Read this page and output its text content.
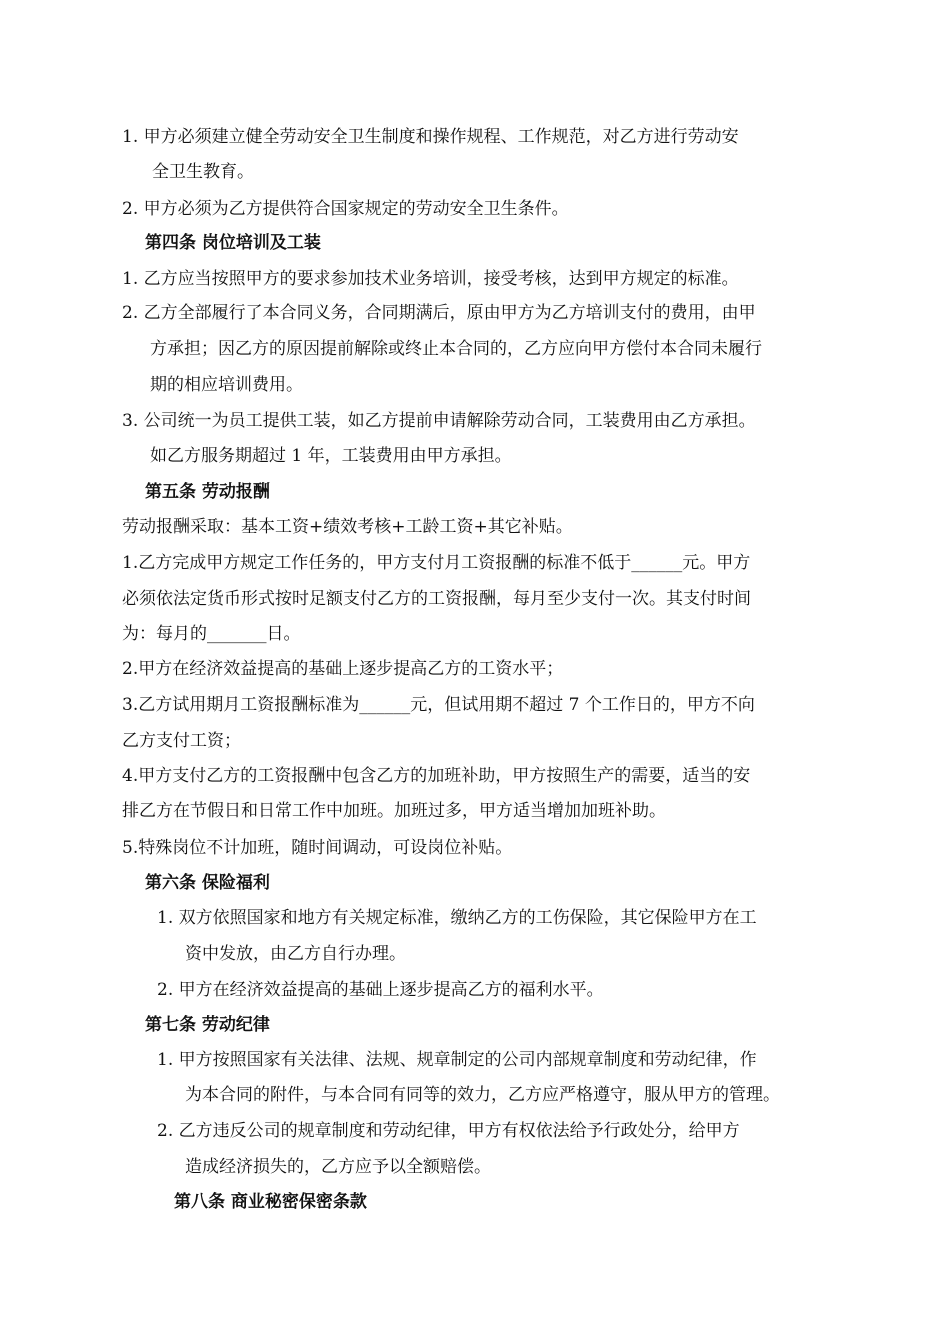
1. 甲方必须建立健全劳动安全卫生制度和操作规程、工作规范，对乙方进行劳动安
全卫生教育。
2. 甲方必须为乙方提供符合国家规定的劳动安全卫生条件。
第四条 岗位培训及工装
1. 乙方应当按照甲方的要求参加技术业务培训，接受考核，达到甲方规定的标准。
2. 乙方全部履行了本合同义务，合同期满后，原由甲方为乙方培训支付的费用，由甲
方承担；因乙方的原因提前解除或终止本合同的，乙方应向甲方偿付本合同未履行
期的相应培训费用。
3. 公司统一为员工提供工装，如乙方提前申请解除劳动合同，工装费用由乙方承担。
如乙方服务期超过 1 年，工装费用由甲方承担。
第五条 劳动报酬
劳动报酬采取：基本工资+绩效考核+工龄工资+其它补贴。
1.乙方完成甲方规定工作任务的，甲方支付月工资报酬的标准不低于______元。甲方
必须依法定货币形式按时足额支付乙方的工资报酬，每月至少支付一次。其支付时间
为：每月的_______日。
2.甲方在经济效益提高的基础上逐步提高乙方的工资水平；
3.乙方试用期月工资报酬标准为______元，但试用期不超过 7 个工作日的，甲方不向
乙方支付工资；
4.甲方支付乙方的工资报酬中包含乙方的加班补助，甲方按照生产的需要，适当的安
排乙方在节假日和日常工作中加班。加班过多，甲方适当增加加班补助。
5.特殊岗位不计加班，随时间调动，可设岗位补贴。
第六条 保险福利
1. 双方依照国家和地方有关规定标准，缴纳乙方的工伤保险，其它保险甲方在工
资中发放，由乙方自行办理。
2. 甲方在经济效益提高的基础上逐步提高乙方的福利水平。
第七条 劳动纪律
1. 甲方按照国家有关法律、法规、规章制定的公司内部规章制度和劳动纪律，作
为本合同的附件，与本合同有同等的效力，乙方应严格遵守，服从甲方的管理。
2. 乙方违反公司的规章制度和劳动纪律，甲方有权依法给予行政处分，给甲方
造成经济损失的，乙方应予以全额赔偿。
第八条 商业秘密保密条款
